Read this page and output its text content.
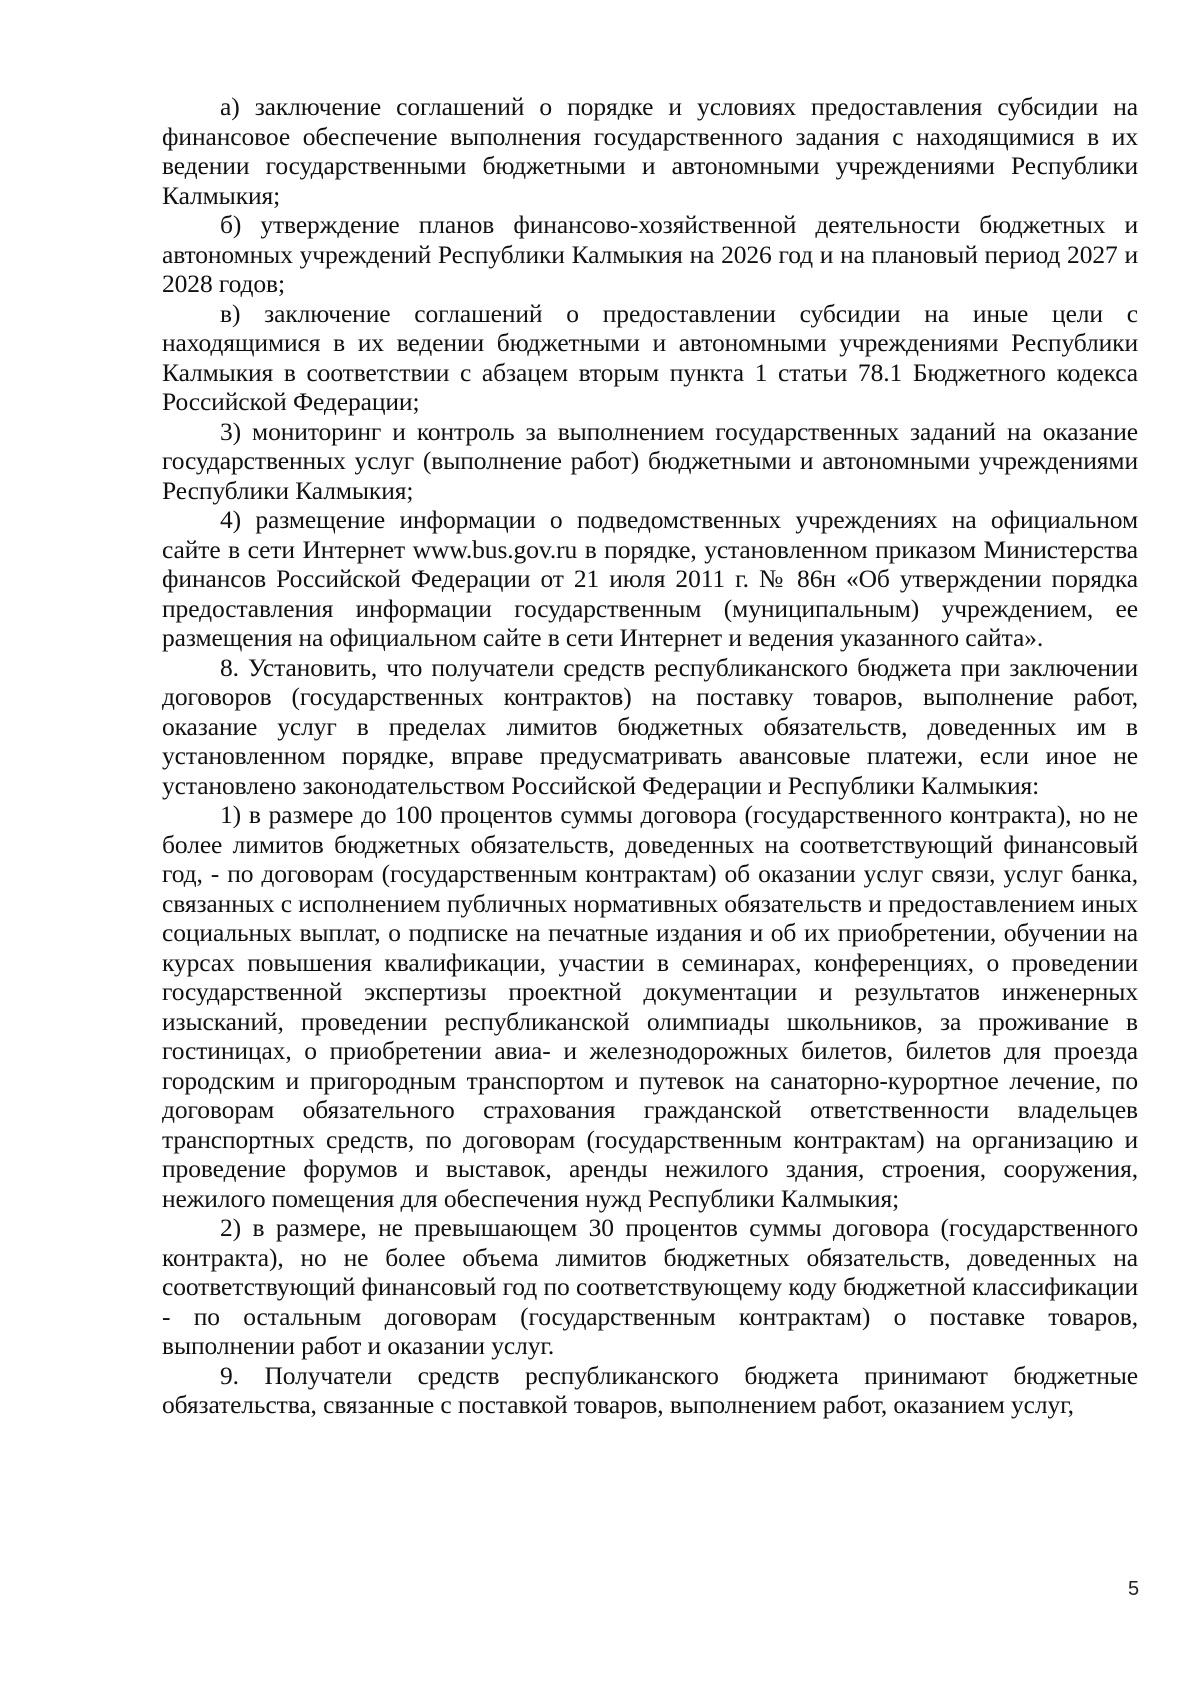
а) заключение соглашений о порядке и условиях предоставления субсидии на финансовое обеспечение выполнения государственного задания с находящимися в их ведении государственными бюджетными и автономными учреждениями Республики Калмыкия;

б) утверждение планов финансово-хозяйственной деятельности бюджетных и автономных учреждений Республики Калмыкия на 2026 год и на плановый период 2027 и 2028 годов;

в) заключение соглашений о предоставлении субсидии на иные цели с находящимися в их ведении бюджетными и автономными учреждениями Республики Калмыкия в соответствии с абзацем вторым пункта 1 статьи 78.1 Бюджетного кодекса Российской Федерации;

3) мониторинг и контроль за выполнением государственных заданий на оказание государственных услуг (выполнение работ) бюджетными и автономными учреждениями Республики Калмыкия;

4) размещение информации о подведомственных учреждениях на официальном сайте в сети Интернет www.bus.gov.ru в порядке, установленном приказом Министерства финансов Российской Федерации от 21 июля 2011 г. № 86н «Об утверждении порядка предоставления информации государственным (муниципальным) учреждением, ее размещения на официальном сайте в сети Интернет и ведения указанного сайта».

8. Установить, что получатели средств республиканского бюджета при заключении договоров (государственных контрактов) на поставку товаров, выполнение работ, оказание услуг в пределах лимитов бюджетных обязательств, доведенных им в установленном порядке, вправе предусматривать авансовые платежи, если иное не установлено законодательством Российской Федерации и Республики Калмыкия:

1) в размере до 100 процентов суммы договора (государственного контракта), но не более лимитов бюджетных обязательств, доведенных на соответствующий финансовый год, - по договорам (государственным контрактам) об оказании услуг связи, услуг банка, связанных с исполнением публичных нормативных обязательств и предоставлением иных социальных выплат, о подписке на печатные издания и об их приобретении, обучении на курсах повышения квалификации, участии в семинарах, конференциях, о проведении государственной экспертизы проектной документации и результатов инженерных изысканий, проведении республиканской олимпиады школьников, за проживание в гостиницах, о приобретении авиа- и железнодорожных билетов, билетов для проезда городским и пригородным транспортом и путевок на санаторно-курортное лечение, по договорам обязательного страхования гражданской ответственности владельцев транспортных средств, по договорам (государственным контрактам) на организацию и проведение форумов и выставок, аренды нежилого здания, строения, сооружения, нежилого помещения для обеспечения нужд Республики Калмыкия;

2) в размере, не превышающем 30 процентов суммы договора (государственного контракта), но не более объема лимитов бюджетных обязательств, доведенных на соответствующий финансовый год по соответствующему коду бюджетной классификации - по остальным договорам (государственным контрактам) о поставке товаров, выполнении работ и оказании услуг.

9. Получатели средств республиканского бюджета принимают бюджетные обязательства, связанные с поставкой товаров, выполнением работ, оказанием услуг,

5
